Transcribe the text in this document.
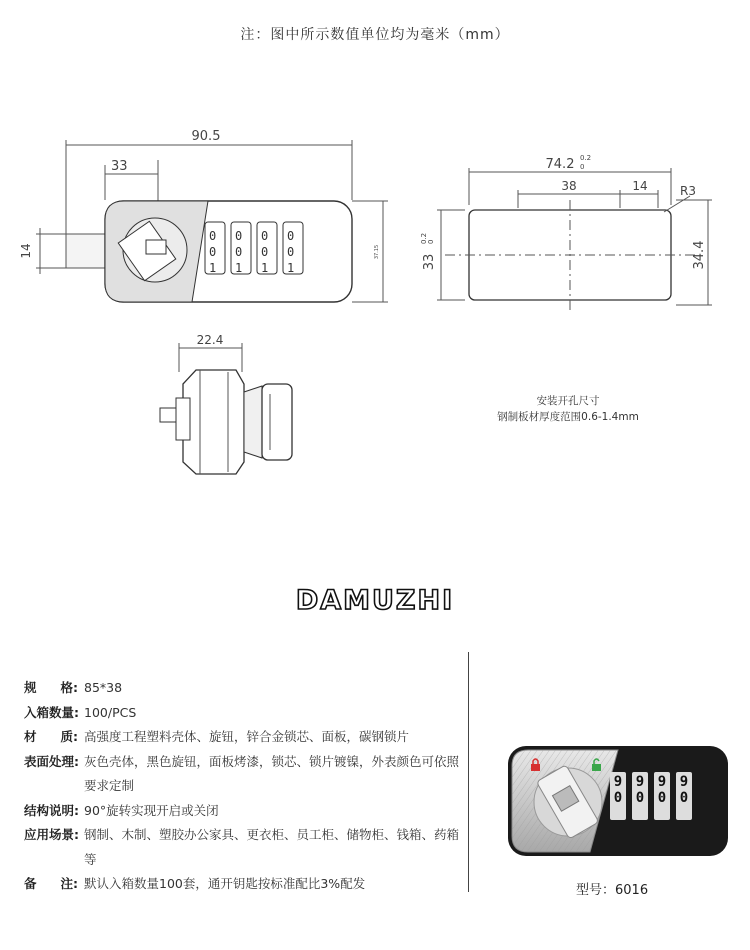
注：图中所示数值单位均为毫米（mm）
0
0
1
0
0
1
0
0
1
0
0
1
90.5
33
14	37.15
74.2 0.2
0
38	14	R3
33
0.2 0	34.4
22.4
安装开孔尺寸
钢制板材厚度范围0.6-1.4mm
DAMUZHI
规 格: 85*38
入箱数量: 100/PCS
材 质: 高强度工程塑料壳体、旋钮，锌合金锁芯、面板，碳钢锁片
表面处理: 灰色壳体，黑色旋钮，面板烤漆，锁芯、锁片镀镍，外表颜色可依照要求定制
结构说明: 90°旋转实现开启或关闭
应用场景: 钢制、木制、塑胶办公家具、更衣柜、员工柜、储物柜、钱箱、药箱等
备 注: 默认入箱数量100套，通开钥匙按标准配比3%配发
9
0
9
0
9
0
9
0
型号：6016
